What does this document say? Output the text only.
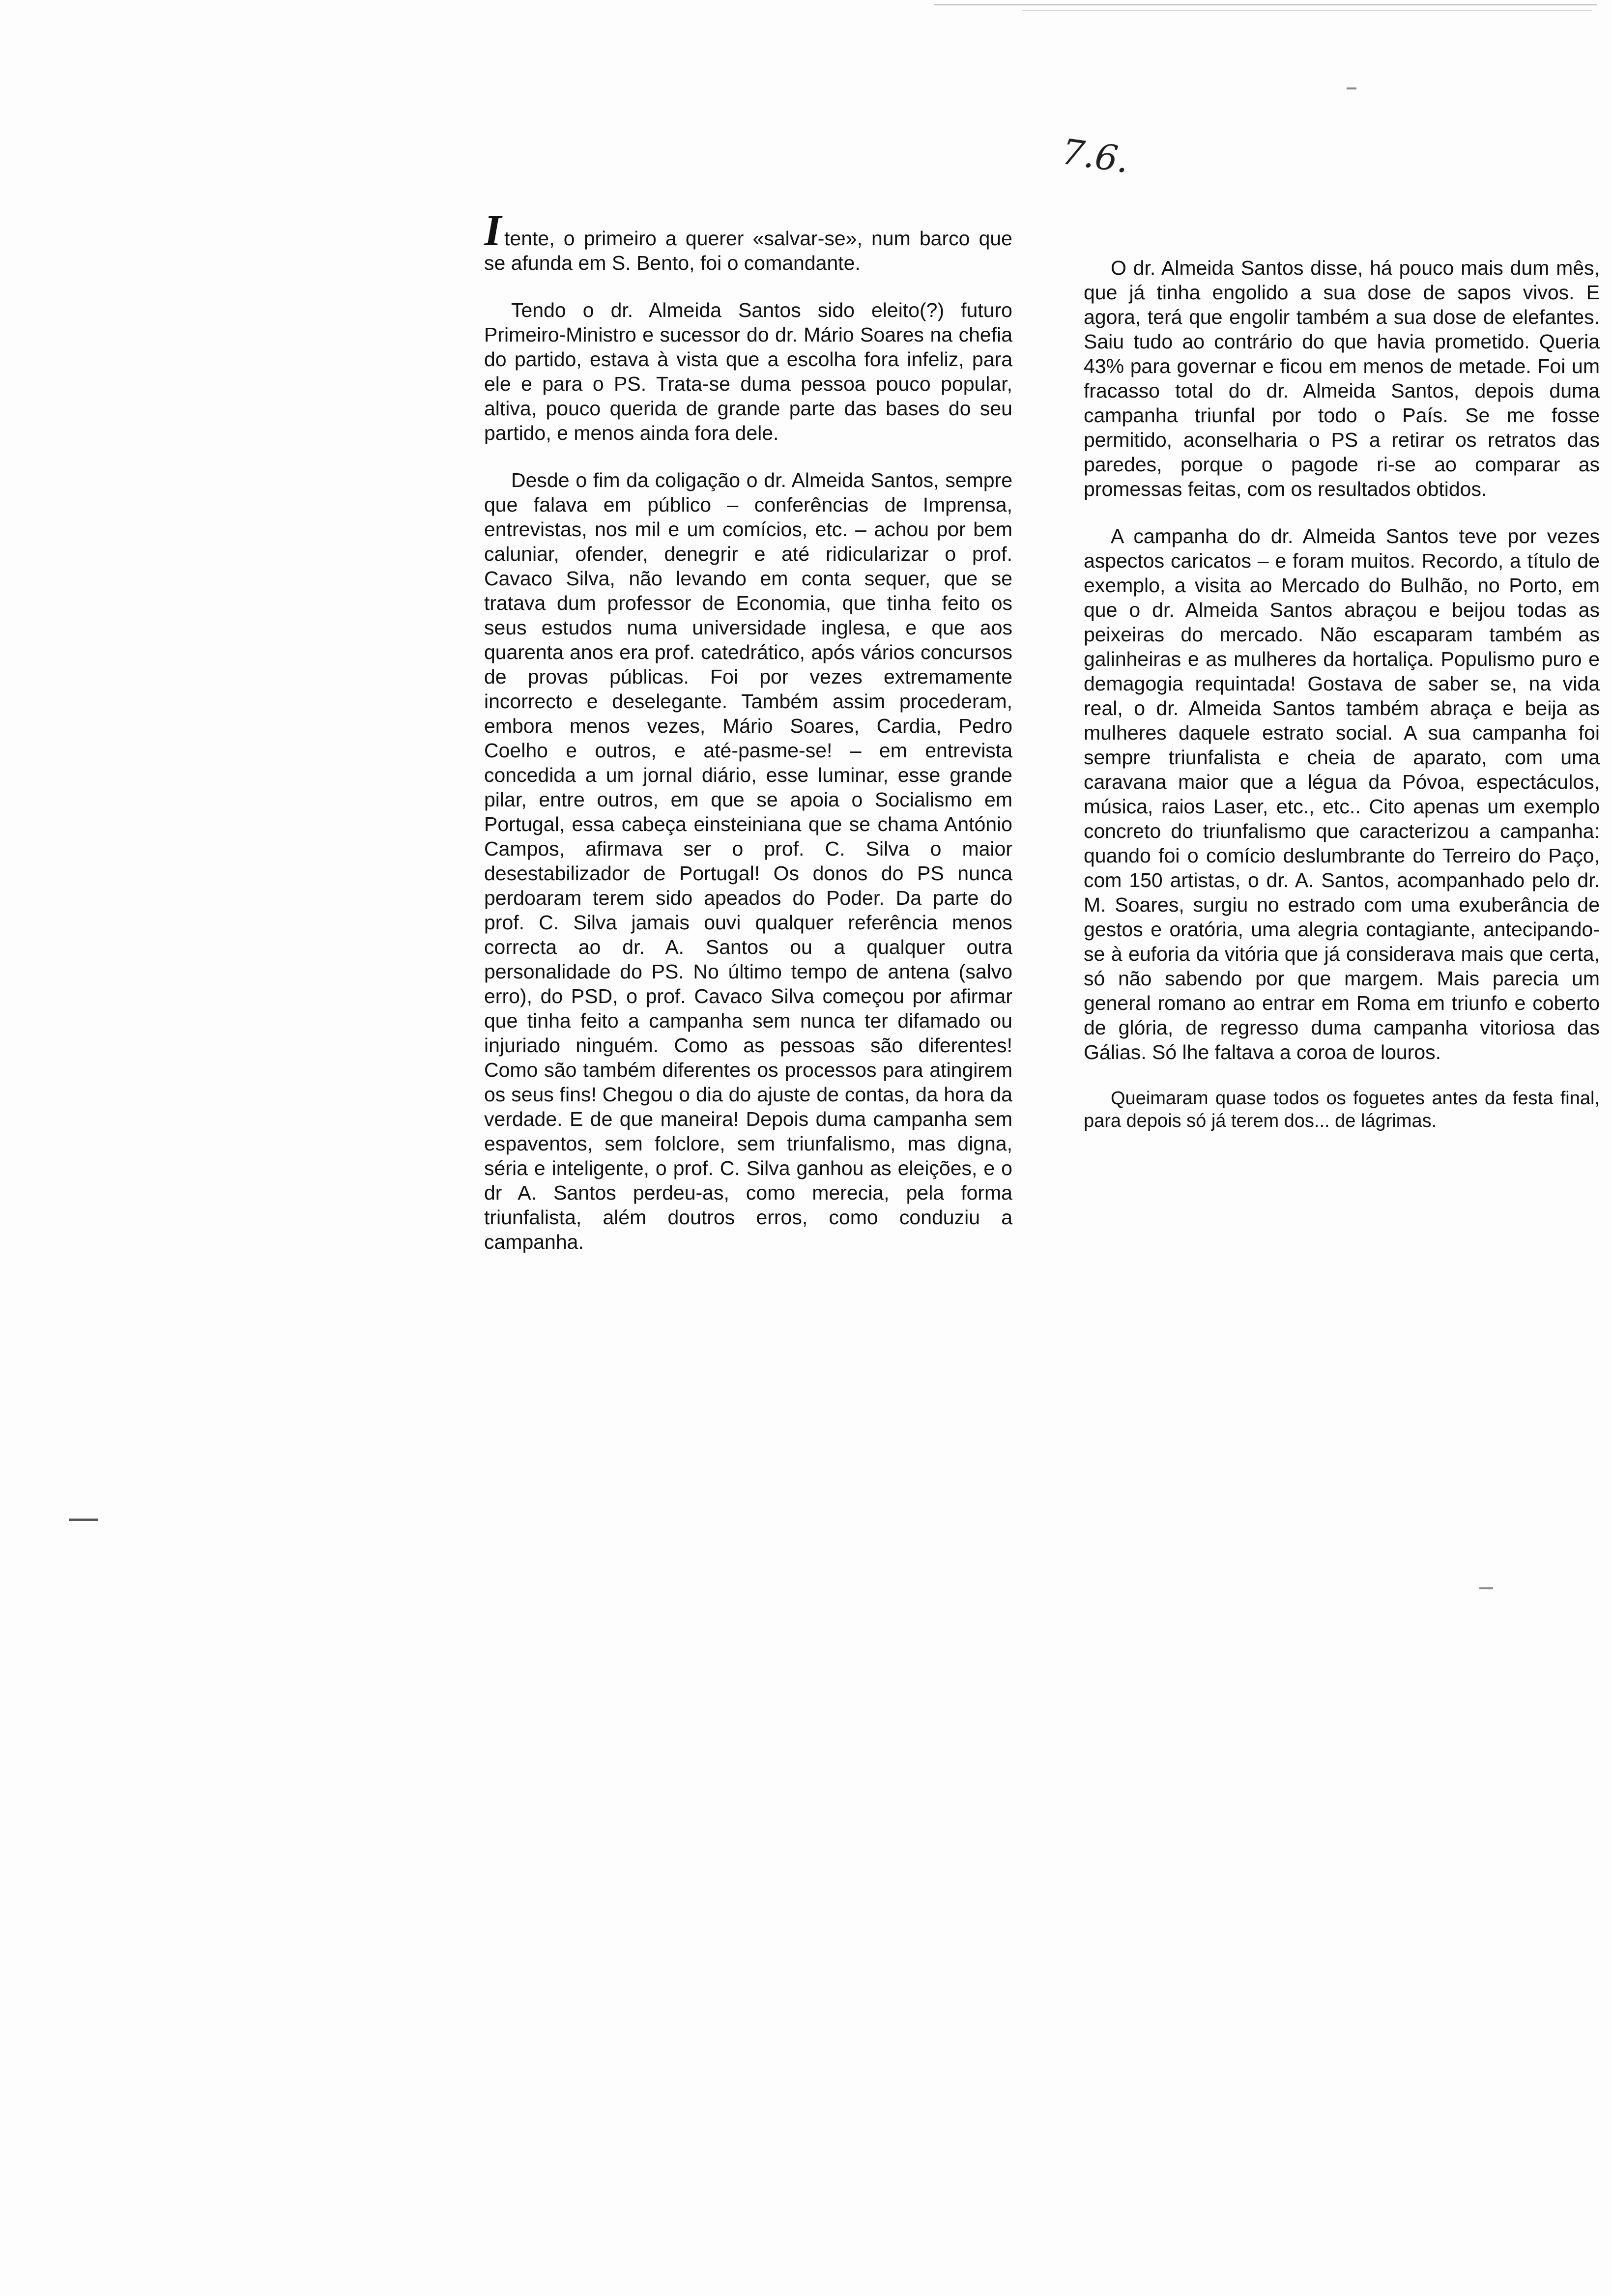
7.6.

Itente, o primeiro a querer «salvar-se», num barco que se afunda em S. Bento, foi o comandante.

Tendo o dr. Almeida Santos sido eleito(?) futuro Primeiro-Ministro e sucessor do dr. Mário Soares na chefia do partido, estava à vista que a escolha fora infeliz, para ele e para o PS. Trata-se duma pessoa pouco popular, altiva, pouco querida de grande parte das bases do seu partido, e menos ainda fora dele.

Desde o fim da coligação o dr. Almeida Santos, sempre que falava em público – conferências de Imprensa, entrevistas, nos mil e um comícios, etc. – achou por bem caluniar, ofender, denegrir e até ridicularizar o prof. Cavaco Silva, não levando em conta sequer, que se tratava dum professor de Economia, que tinha feito os seus estudos numa universidade inglesa, e que aos quarenta anos era prof. catedrático, após vários concursos de provas públicas. Foi por vezes extremamente incorrecto e deselegante. Também assim procederam, embora menos vezes, Mário Soares, Cardia, Pedro Coelho e outros, e até-pasme-se! – em entrevista concedida a um jornal diário, esse luminar, esse grande pilar, entre outros, em que se apoia o Socialismo em Portugal, essa cabeça einsteiniana que se chama António Campos, afirmava ser o prof. C. Silva o maior desestabilizador de Portugal! Os donos do PS nunca perdoaram terem sido apeados do Poder. Da parte do prof. C. Silva jamais ouvi qualquer referência menos correcta ao dr. A. Santos ou a qualquer outra personalidade do PS. No último tempo de antena (salvo erro), do PSD, o prof. Cavaco Silva começou por afirmar que tinha feito a campanha sem nunca ter difamado ou injuriado ninguém. Como as pessoas são diferentes! Como são também diferentes os processos para atingirem os seus fins! Chegou o dia do ajuste de contas, da hora da verdade. E de que maneira! Depois duma campanha sem espaventos, sem folclore, sem triunfalismo, mas digna, séria e inteligente, o prof. C. Silva ganhou as eleições, e o dr A. Santos perdeu-as, como merecia, pela forma triunfalista, além doutros erros, como conduziu a campanha.

O dr. Almeida Santos disse, há pouco mais dum mês, que já tinha engolido a sua dose de sapos vivos. E agora, terá que engolir também a sua dose de elefantes. Saiu tudo ao contrário do que havia prometido. Queria 43% para governar e ficou em menos de metade. Foi um fracasso total do dr. Almeida Santos, depois duma campanha triunfal por todo o País. Se me fosse permitido, aconselharia o PS a retirar os retratos das paredes, porque o pagode ri-se ao comparar as promessas feitas, com os resultados obtidos.

A campanha do dr. Almeida Santos teve por vezes aspectos caricatos – e foram muitos. Recordo, a título de exemplo, a visita ao Mercado do Bulhão, no Porto, em que o dr. Almeida Santos abraçou e beijou todas as peixeiras do mercado. Não escaparam também as galinheiras e as mulheres da hortaliça. Populismo puro e demagogia requintada! Gostava de saber se, na vida real, o dr. Almeida Santos também abraça e beija as mulheres daquele estrato social. A sua campanha foi sempre triunfalista e cheia de aparato, com uma caravana maior que a légua da Póvoa, espectáculos, música, raios Laser, etc., etc.. Cito apenas um exemplo concreto do triunfalismo que caracterizou a campanha: quando foi o comício deslumbrante do Terreiro do Paço, com 150 artistas, o dr. A. Santos, acompanhado pelo dr. M. Soares, surgiu no estrado com uma exuberância de gestos e oratória, uma alegria contagiante, antecipando-se à euforia da vitória que já considerava mais que certa, só não sabendo por que margem. Mais parecia um general romano ao entrar em Roma em triunfo e coberto de glória, de regresso duma campanha vitoriosa das Gálias. Só lhe faltava a coroa de louros.

Queimaram quase todos os foguetes antes da festa final, para depois só já terem dos... de lágrimas.
